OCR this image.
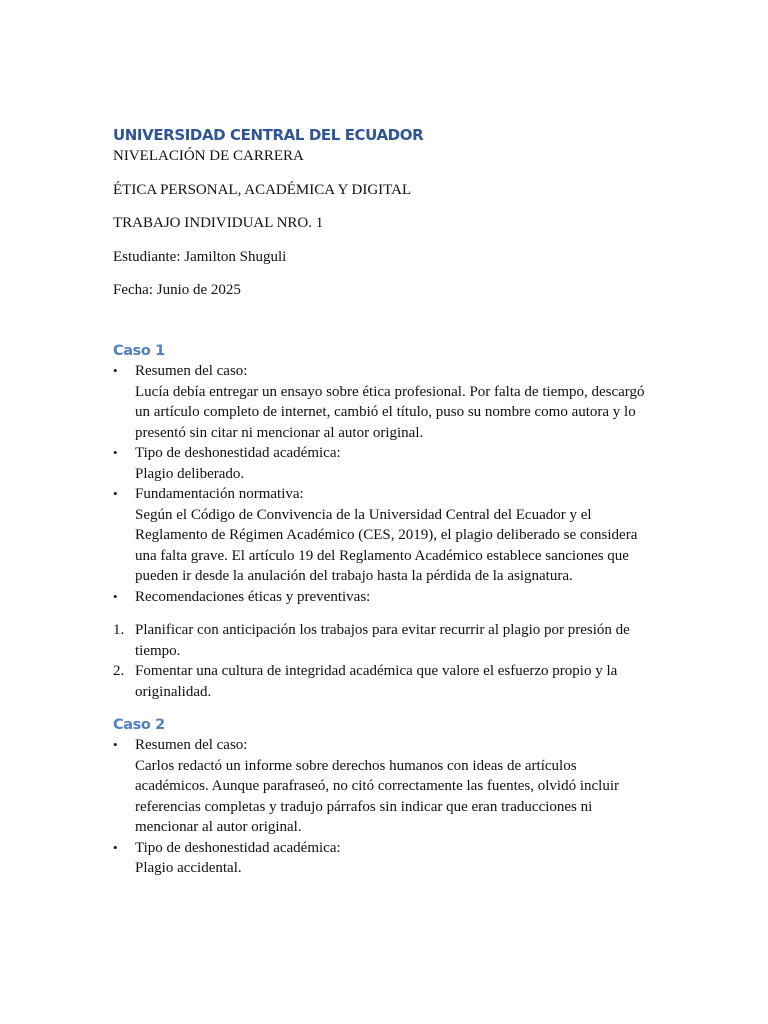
UNIVERSIDAD CENTRAL DEL ECUADOR

NIVELACIÓN DE CARRERA

ÉTICA PERSONAL, ACADÉMICA Y DIGITAL

TRABAJO INDIVIDUAL NRO. 1

Estudiante: Jamilton Shuguli

Fecha: Junio de 2025

Caso 1

• Resumen del caso:
Lucía debía entregar un ensayo sobre ética profesional. Por falta de tiempo, descargó
un artículo completo de internet, cambió el título, puso su nombre como autora y lo
presentó sin citar ni mencionar al autor original.
• Tipo de deshonestidad académica:
Plagio deliberado.
• Fundamentación normativa:
Según el Código de Convivencia de la Universidad Central del Ecuador y el
Reglamento de Régimen Académico (CES, 2019), el plagio deliberado se considera
una falta grave. El artículo 19 del Reglamento Académico establece sanciones que
pueden ir desde la anulación del trabajo hasta la pérdida de la asignatura.
• Recomendaciones éticas y preventivas:
1. Planificar con anticipación los trabajos para evitar recurrir al plagio por presión de
tiempo.
2. Fomentar una cultura de integridad académica que valore el esfuerzo propio y la
originalidad.

Caso 2

• Resumen del caso:
Carlos redactó un informe sobre derechos humanos con ideas de artículos
académicos. Aunque parafraseó, no citó correctamente las fuentes, olvidó incluir
referencias completas y tradujo párrafos sin indicar que eran traducciones ni
mencionar al autor original.
• Tipo de deshonestidad académica:
Plagio accidental.
